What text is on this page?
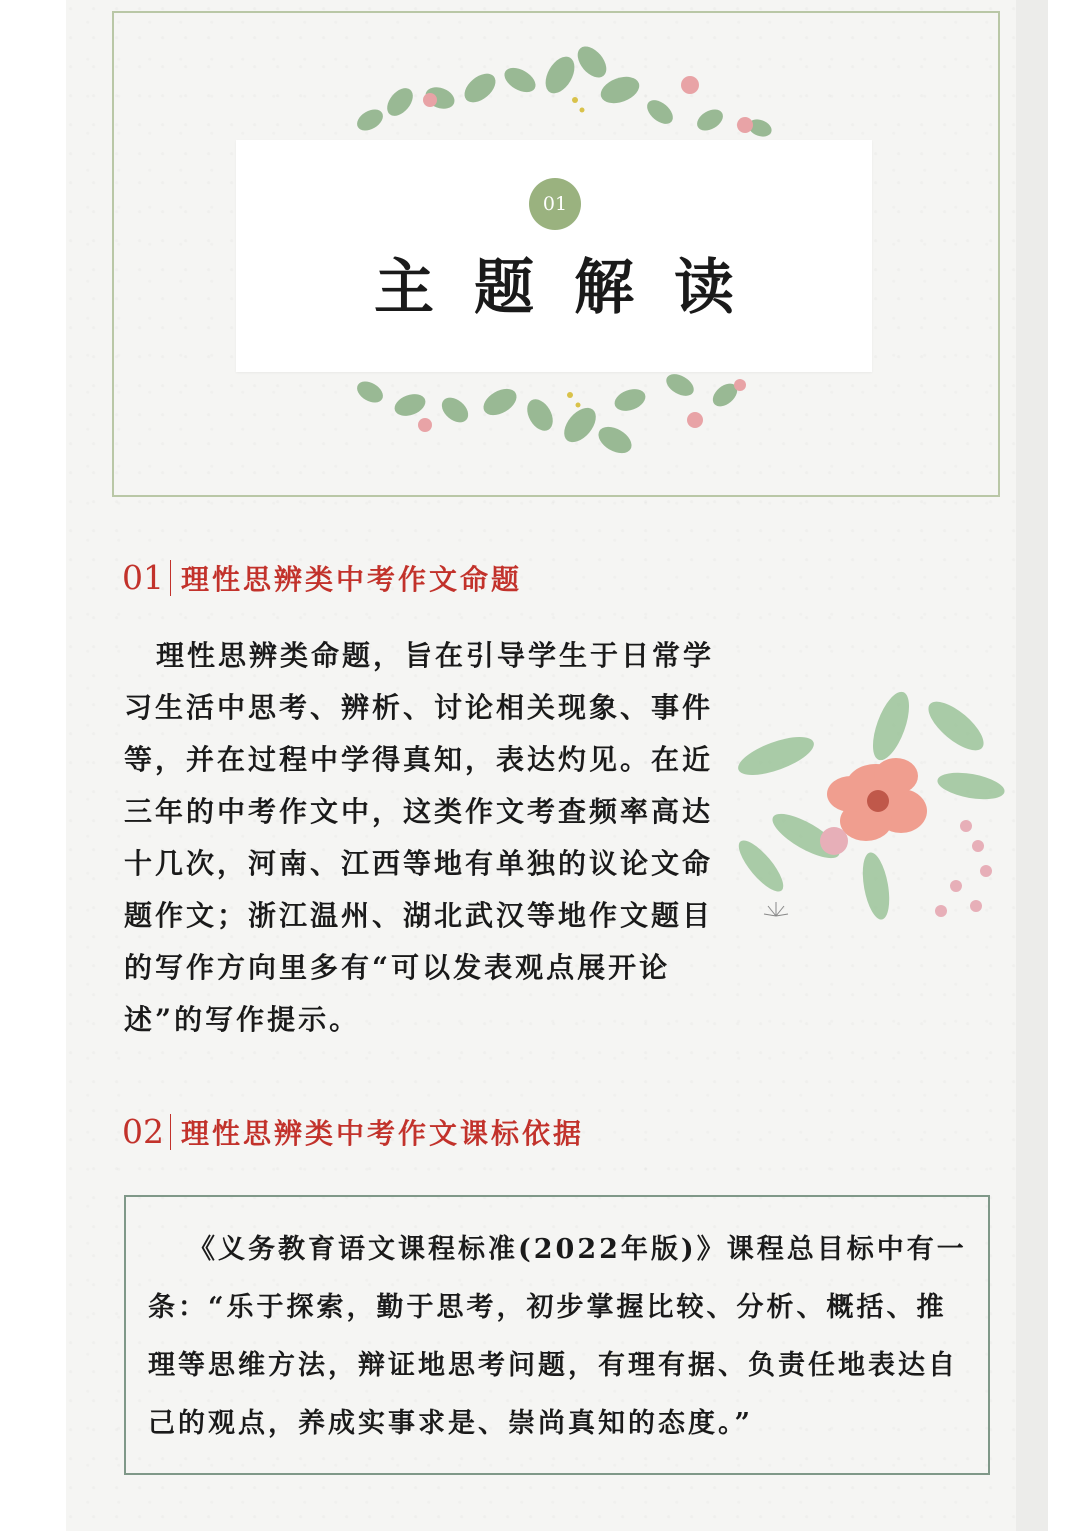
01
主题解读
01 理性思辨类中考作文命题
理性思辨类命题，旨在引导学生于日常学习生活中思考、辨析、讨论相关现象、事件等，并在过程中学得真知，表达灼见。在近三年的中考作文中，这类作文考查频率高达十几次，河南、江西等地有单独的议论文命题作文；浙江温州、湖北武汉等地作文题目的写作方向里多有“可以发表观点展开论述”的写作提示。
02 理性思辨类中考作文课标依据
《义务教育语文课程标准(2022年版)》课程总目标中有一条：“乐于探索，勤于思考，初步掌握比较、分析、概括、推理等思维方法，辩证地思考问题，有理有据、负责任地表达自己的观点，养成实事求是、崇尚真知的态度。”
